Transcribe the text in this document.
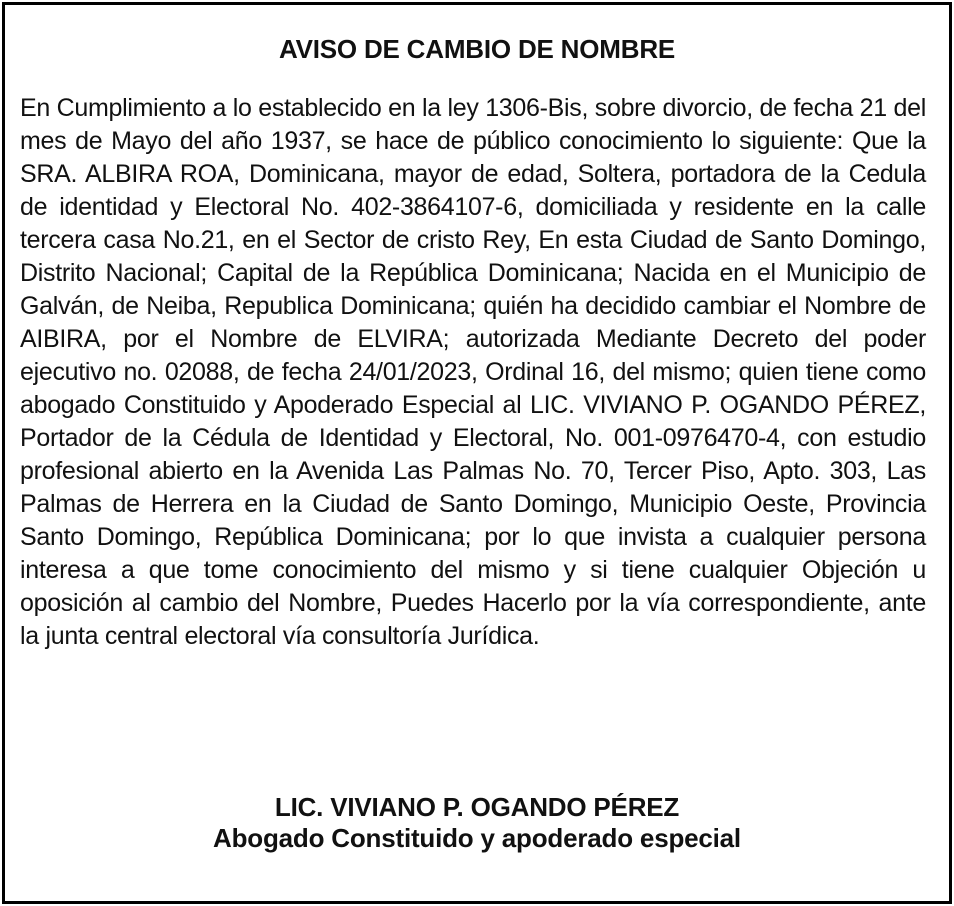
AVISO DE CAMBIO DE NOMBRE

En Cumplimiento a lo establecido en la ley 1306-Bis, sobre divorcio, de fecha 21 del mes de Mayo del año 1937, se hace de público conocimiento lo siguiente: Que la SRA. ALBIRA ROA, Dominicana, mayor de edad, Soltera, portadora de la Cedula de identidad y Electoral No. 402-3864107-6, domiciliada y residente en la calle tercera casa No.21, en el Sector de cristo Rey, En esta Ciudad de Santo Domingo, Distrito Nacional; Capital de la República Dominicana; Nacida en el Municipio de Galván, de Neiba, Republica Dominicana; quién ha decidido cambiar el Nombre de AIBIRA, por el Nombre de ELVIRA; autorizada Mediante Decreto del poder ejecutivo no. 02088, de fecha 24/01/2023, Ordinal 16, del mismo; quien tiene como abogado Constituido y Apoderado Especial al LIC. VIVIANO P. OGANDO PÉREZ, Portador de la Cédula de Identidad y Electoral, No. 001-0976470-4, con estudio profesional abierto en la Avenida Las Palmas No. 70, Tercer Piso, Apto. 303, Las Palmas de Herrera en la Ciudad de Santo Domingo, Municipio Oeste, Provincia Santo Domingo, República Dominicana; por lo que invista a cualquier persona interesa a que tome conocimiento del mismo y si tiene cualquier Objeción u oposición al cambio del Nombre, Puedes Hacerlo por la vía correspondiente, ante la junta central electoral vía consultoría Jurídica.

LIC. VIVIANO P. OGANDO PÉREZ
Abogado Constituido y apoderado especial
